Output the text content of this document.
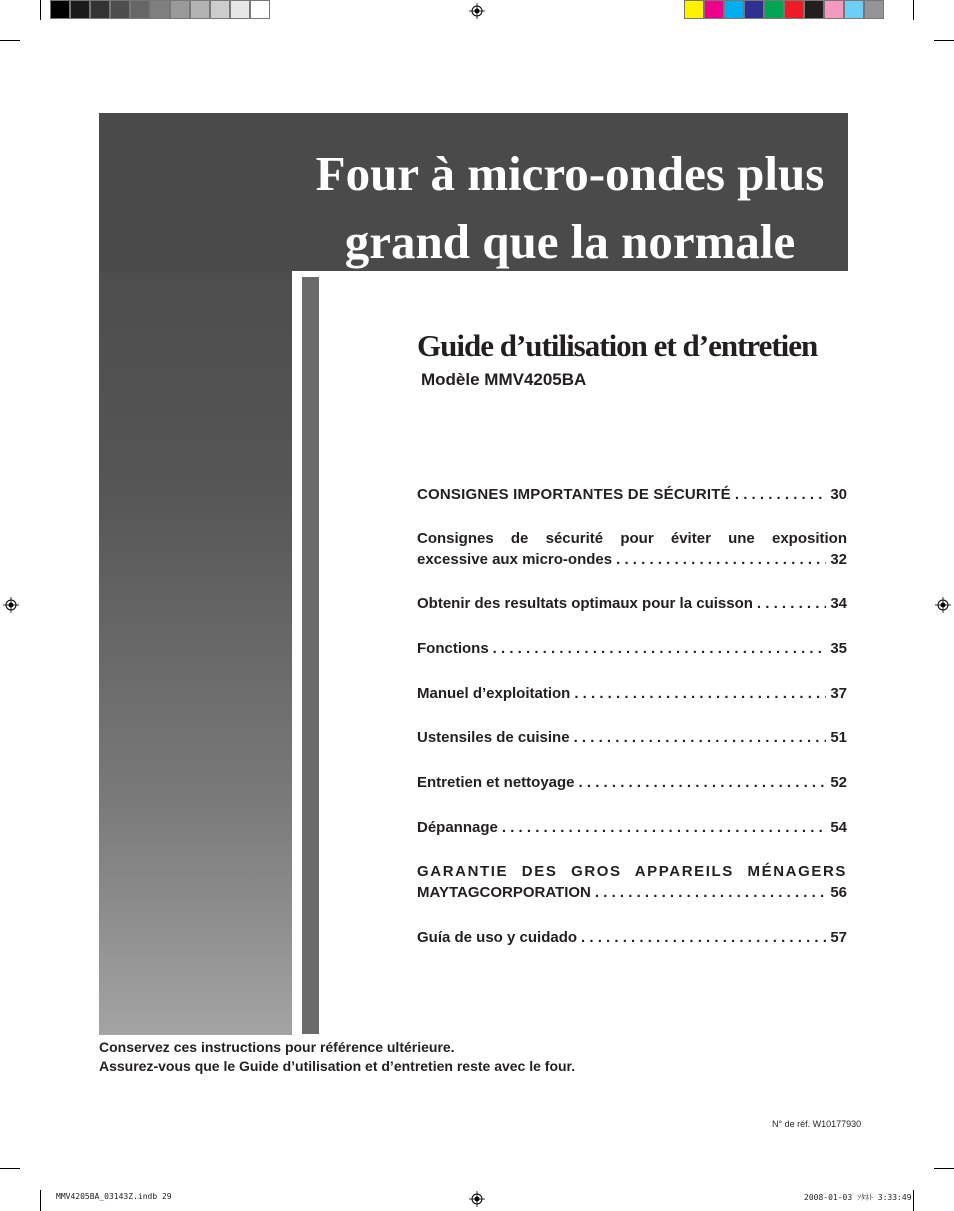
Four à micro-ondes plus
grand que la normale
Guide d’utilisation et d’entretien
Modèle MMV4205BA
CONSIGNES IMPORTANTES DE SÉCURITÉ . . .	30
Consignes de sécurité pour éviter une exposition
excessive aux micro-ondes . . .	32
Obtenir des resultats optimaux pour la cuisson . . .	34
Fonctions . . .	35
Manuel d’exploitation . . .	37
Ustensiles de cuisine . . .	51
Entretien et nettoyage . . .	52
Dépannage . . .	54
GARANTIE DES GROS APPAREILS MÉNAGERS
MAYTAGCORPORATION . . .	56
Guía de uso y cuidado . . .	57
Conservez ces instructions pour référence ultérieure.
Assurez-vous que le Guide d’utilisation et d’entretien reste avec le four.
N° de réf. W10177930
MMV4205BA_03143Z.indb 29	2008-01-03 ｿﾀﾈﾄ 3:33:49
